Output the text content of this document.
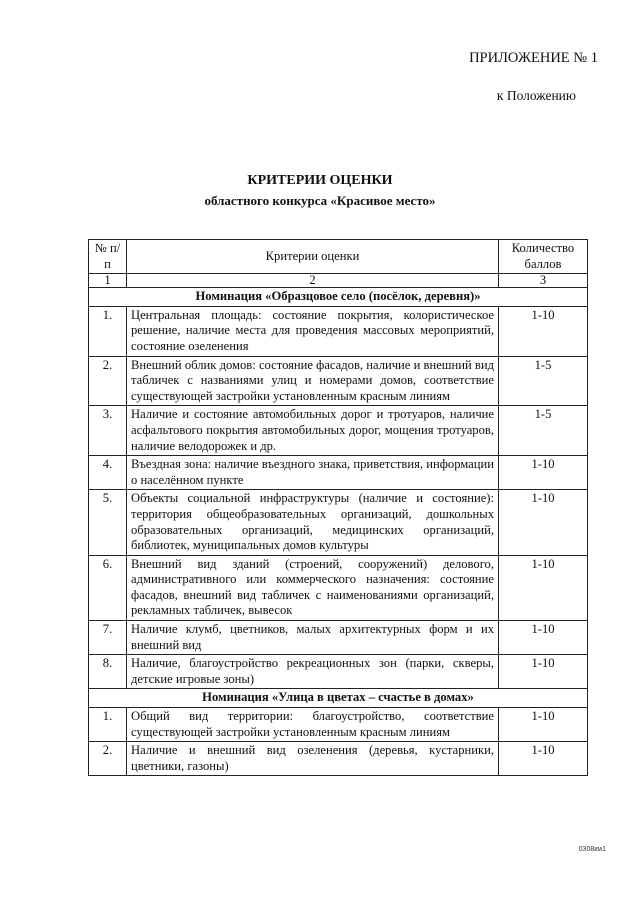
ПРИЛОЖЕНИЕ № 1
к Положению
КРИТЕРИИ ОЦЕНКИ
областного конкурса «Красивое место»
№ п/п	Критерии оценки	Количество баллов
1	2	3
Номинация «Образцовое село (посёлок, деревня)»		
1.	Центральная площадь: состояние покрытия, колористическое решение, наличие места для проведения массовых мероприятий, состояние озеленения	1-10
2.	Внешний облик домов: состояние фасадов, наличие и внешний вид табличек с названиями улиц и номерами домов, соответствие существующей застройки установленным красным линиям	1-5
3.	Наличие и состояние автомобильных дорог и тротуаров, наличие асфальтового покрытия автомобильных дорог, мощения тротуаров, наличие велодорожек и др.	1-5
4.	Въездная зона: наличие въездного знака, приветствия, информации о населённом пункте	1-10
5.	Объекты социальной инфраструктуры (наличие и состояние): территория общеобразовательных организаций, дошкольных образовательных организаций, медицинских организаций, библиотек, муниципальных домов культуры	1-10
6.	Внешний вид зданий (строений, сооружений) делового, административного или коммерческого назначения: состояние фасадов, внешний вид табличек с наименованиями организаций, рекламных табличек, вывесок	1-10
7.	Наличие клумб, цветников, малых архитектурных форм и их внешний вид	1-10
8.	Наличие, благоустройство рекреационных зон (парки, скверы, детские игровые зоны)	1-10
Номинация «Улица в цветах – счастье в домах»		
1.	Общий вид территории: благоустройство, соответствие существующей застройки установленным красным линиям	1-10
2.	Наличие и внешний вид озеленения (деревья, кустарники, цветники, газоны)	1-10
0308км1
